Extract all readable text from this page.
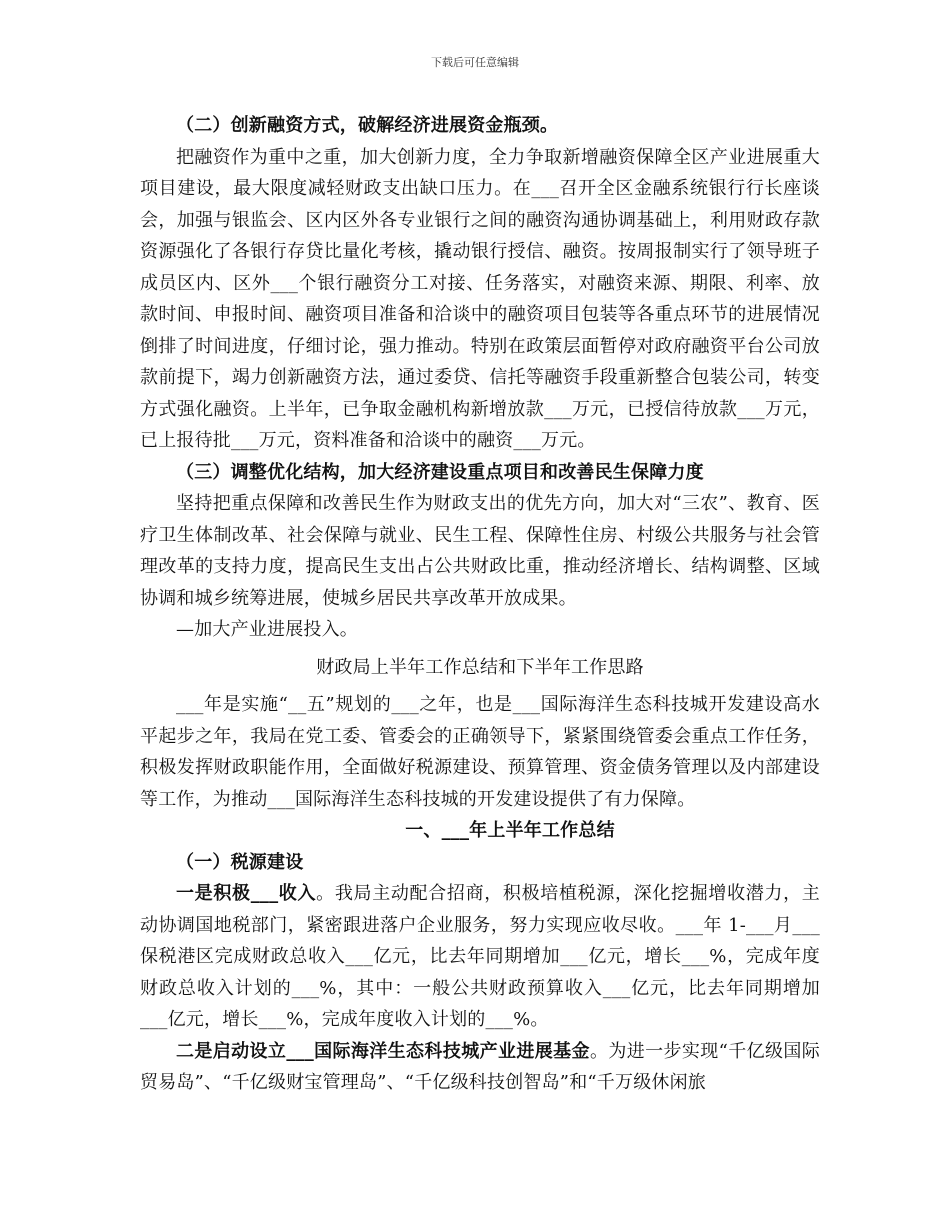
下载后可任意编辑

（二）创新融资方式，破解经济进展资金瓶颈。

把融资作为重中之重，加大创新力度，全力争取新增融资保障全区产业进展重大项目建设，最大限度减轻财政支出缺口压力。在___召开全区金融系统银行行长座谈会，加强与银监会、区内区外各专业银行之间的融资沟通协调基础上，利用财政存款资源强化了各银行存贷比量化考核，撬动银行授信、融资。按周报制实行了领导班子成员区内、区外___个银行融资分工对接、任务落实，对融资来源、期限、利率、放款时间、申报时间、融资项目准备和洽谈中的融资项目包装等各重点环节的进展情况倒排了时间进度，仔细讨论，强力推动。特别在政策层面暂停对政府融资平台公司放款前提下，竭力创新融资方法，通过委贷、信托等融资手段重新整合包装公司，转变方式强化融资。上半年，已争取金融机构新增放款___万元，已授信待放款___万元，已上报待批___万元，资料准备和洽谈中的融资___万元。

（三）调整优化结构，加大经济建设重点项目和改善民生保障力度

坚持把重点保障和改善民生作为财政支出的优先方向，加大对“三农”、教育、医疗卫生体制改革、社会保障与就业、民生工程、保障性住房、村级公共服务与社会管理改革的支持力度，提高民生支出占公共财政比重，推动经济增长、结构调整、区域协调和城乡统筹进展，使城乡居民共享改革开放成果。

—加大产业进展投入。

财政局上半年工作总结和下半年工作思路

___年是实施“__五”规划的___之年，也是___国际海洋生态科技城开发建设高水平起步之年，我局在党工委、管委会的正确领导下，紧紧围绕管委会重点工作任务，积极发挥财政职能作用，全面做好税源建设、预算管理、资金债务管理以及内部建设等工作，为推动___国际海洋生态科技城的开发建设提供了有力保障。

一、___年上半年工作总结

（一）税源建设

一是积极___收入。我局主动配合招商，积极培植税源，深化挖掘增收潜力，主动协调国地税部门，紧密跟进落户企业服务，努力实现应收尽收。___年 1-___月___保税港区完成财政总收入___亿元，比去年同期增加___亿元，增长___%，完成年度财政总收入计划的___%，其中：一般公共财政预算收入___亿元，比去年同期增加___亿元，增长___%，完成年度收入计划的___%。

二是启动设立___国际海洋生态科技城产业进展基金。为进一步实现“千亿级国际贸易岛”、“千亿级财宝管理岛”、“千亿级科技创智岛”和“千万级休闲旅
